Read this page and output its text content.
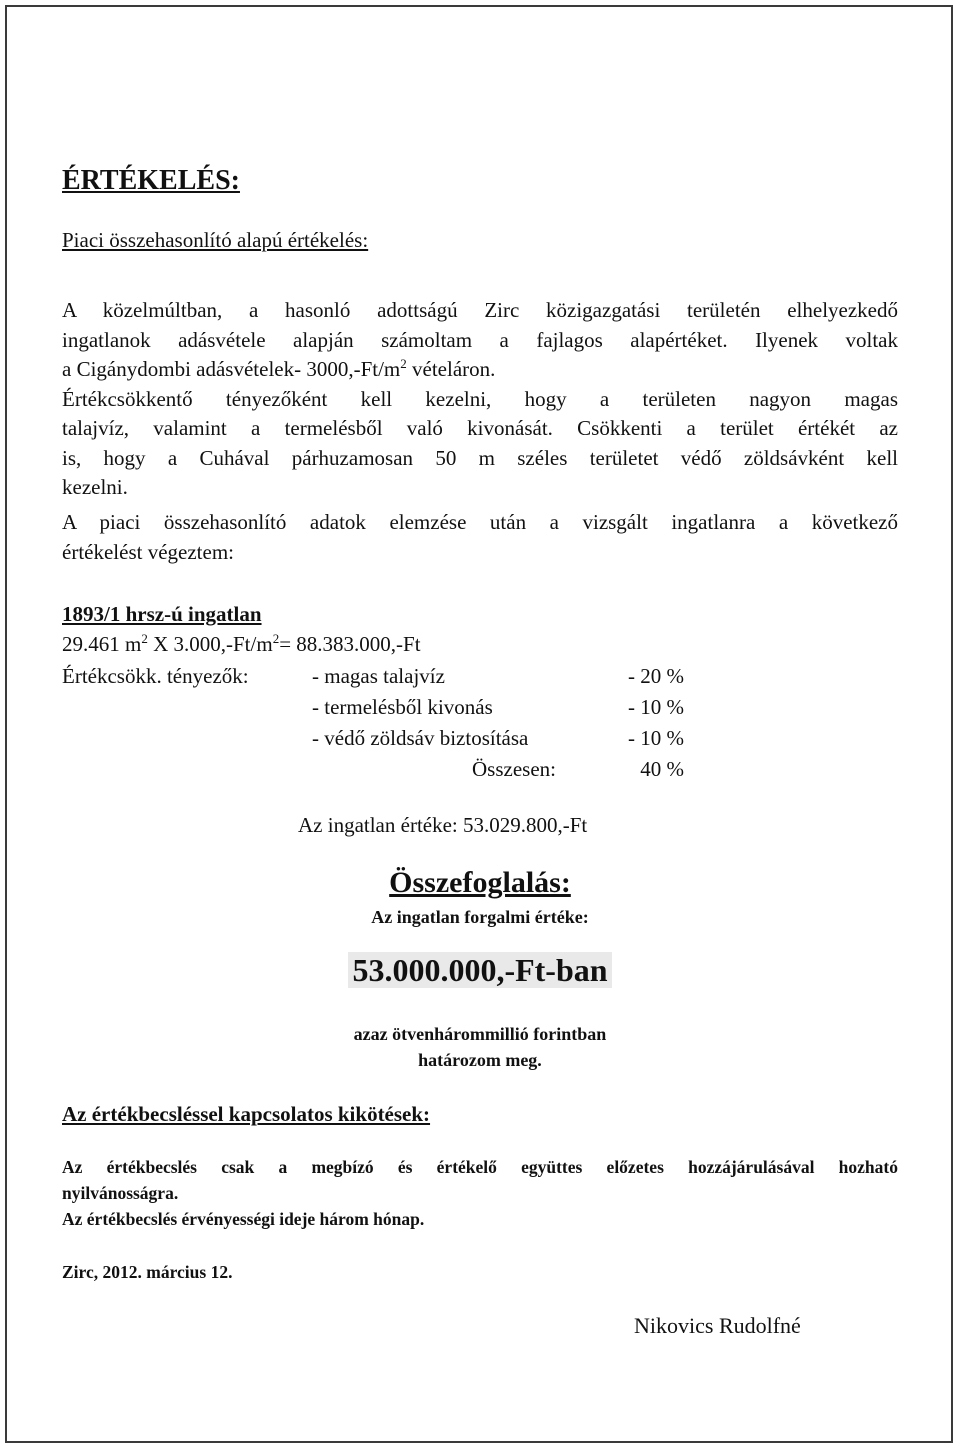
ÉRTÉKELÉS:
Piaci összehasonlító alapú értékelés:
A közelmúltban, a hasonló adottságú Zirc közigazgatási területén elhelyezkedő
ingatlanok adásvétele alapján számoltam a fajlagos alapértéket. Ilyenek voltak
a Cigánydombi adásvételek- $3000,-Ft/m^2$ vételáron.
Értékcsökkentő tényezőként kell kezelni, hogy a területen nagyon magas
talajvíz, valamint a termelésből való kivonását. Csökkenti a terület értékét az
is, hogy a Cuhával párhuzamosan 50 m széles területet védő zöldsávként kell
kezelni.
A piaci összehasonlító adatok elemzése után a vizsgált ingatlanra a következő
értékelést végeztem:
1893/1 hrsz-ú ingatlan
29.461 $m^2$ X $3.000,-Ft/m^2= 88.383.000,-Ft$
Értékcsökk. tényezők:	- magas talajvíz	- 20 %
- termelésből kivonás	- 10 %
- védő zöldsáv biztosítása	- 10 %
Összesen:	40 %
Az ingatlan értéke: 53.029.800,-Ft
Összefoglalás:
Az ingatlan forgalmi értéke:
53.000.000,-Ft-ban
azaz ötvenhárommillió forintban
határozom meg.
Az értékbecsléssel kapcsolatos kikötések:
Az értékbecslés csak a megbízó és értékelő együttes előzetes hozzájárulásával hozható
nyilvánosságra.
Az értékbecslés érvényességi ideje három hónap.
Zirc, 2012. március 12.
Nikovics Rudolfné
